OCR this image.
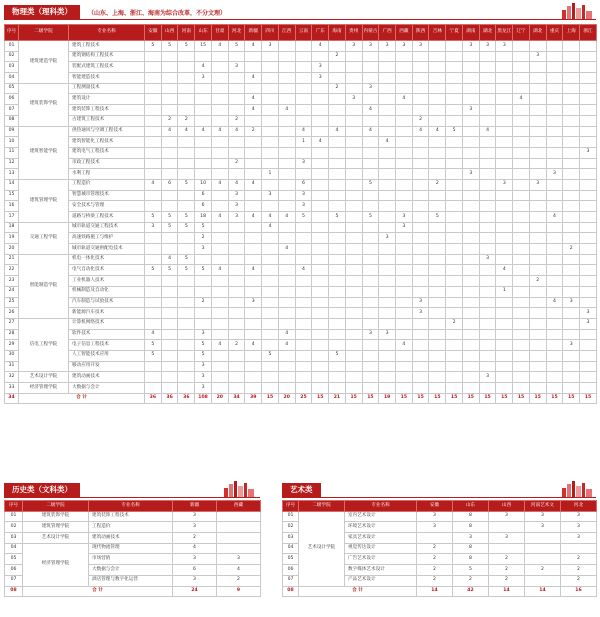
物理类（理科类）	（山东、上海、浙江、海南为综合改革，不分文理）
序号	二级学院	专业名称	安徽	山西	河南	山东	甘肃	河北	新疆	四川	江西	云南	广东	海南	贵州	内蒙古	广西	西藏	陕西	吉林	宁夏	湖南	湖北	黑龙江	辽宁	湖北	重庆	上海	浙江
01	建筑建造学院	建筑工程技术	5	5	5	15	4	5	4	3			4		3	3	3	3	3			3	3	3					
02		建筑钢结构工程技术												2												3			
03		装配式建筑工程技术				4		3					3																
04		智能建造技术				3			4				3																
05	建筑装饰学院	工程测量技术												2		3													
06		建筑设计							4						3			4							4				
07		建筑装饰工程技术							4		4					4						3							
08		古建筑工程技术		2	2			2											2										
09	建筑智能学院	供热通风与空调工程技术		4	4	4	4	4	2			4		4		4			4	4	5		4						
10		建筑智能化工程技术										1	4				4												
11		建筑电气工程技术																											3
12		市政工程技术						2				3																	
13		水利工程								1												3					3		
14	建筑管理学院	工程造价	4	6	5	10	4	4	4			6				5				2				3		3			
15		智慧城市管理技术				6		3		3		3																	
16		安全技术与管理				6		3				3																	
17		道路与桥梁工程技术	5	5	5	18	4	3	4	4	4	5		5		5		3		5							4		
18	交通工程学院	城市轨道交通工程技术	3	5	5	5				4								3											
19		高速铁路施工与维护				2											3												
20		城市轨道交通供配电技术				3					4																	2	
21	智能制造学院	机电一体化技术		4	5																		3						
22		电气自动化技术	5	5	5	5	4		4			4												4					
23		工业机器人技术																								2			
24		机械制造及自动化																						1					
25		汽车制造与试验技术				2			3										3								4	3	
26		新能源汽车技术																	3										3
27	信电工程学院	计算机网络技术																			2								3
28		软件技术	4			3					4					3	3												
29		电子信息工程技术	5			5	4	2	4		4							4										3	
30		人工智能技术应用	5			5				5				5															
31		移动应用开发				3																							
32	艺术设计学院	建筑动画技术				3																	3						
33	经济管理学院	大数据与会计				3																							
34	合 计		36	36	36	108	20	34	39	15	20	25	15	21	15	15	19	15	15	15	15	15	15	15	15	15	15	15	15
历史类（文科类）
序号	二级学院	专业名称	新疆	西藏
01	建筑装饰学院	建筑装饰工程技术	3	
02	建筑管理学院	工程造价	3	
03	艺术设计学院	建筑动画技术	2	
04	经济管理学院	现代物流管理	4	
05		市场营销	3	3
06		大数据与会计	6	4
07		酒店管理与数字化运营	3	2
08	合 计		24	9
艺术类
序号	二级学院	专业名称	安徽	山东	山西	河南艺术文	河北
01	艺术设计学院	室内艺术设计	3	8	3	3	3
02		环境艺术设计	3	8		3	3
03		家具艺术设计		3	3		3
04		视觉传达设计	2	8			
05		广告艺术设计	2	8	2		2
06		数字媒体艺术设计	2	5	2	2	2
07		产品艺术设计	2	2	2		2
08	合 计		14	42	14	14	16
